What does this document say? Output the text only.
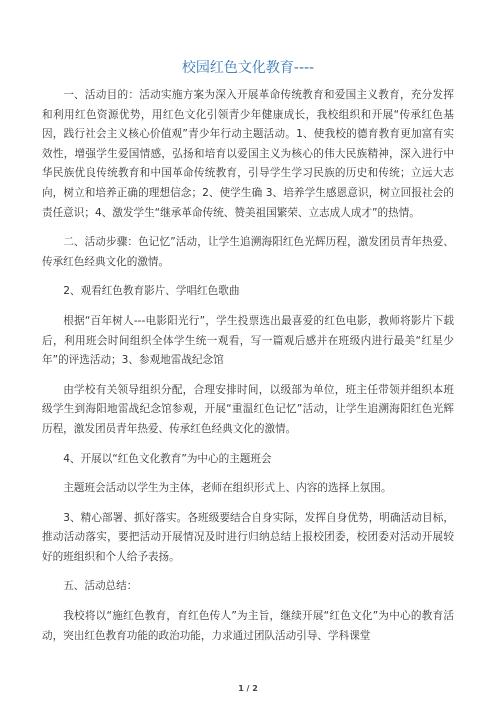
校园红色文化教育----

一、活动目的：活动实施方案为深入开展革命传统教育和爱国主义教育，充分发挥和利用红色资源优势，用红色文化引领青少年健康成长，我校组织和开展“传承红色基因，践行社会主义核心价值观”青少年行动主题活动。1、使我校的德育教育更加富有实效性，增强学生爱国情感，弘扬和培育以爱国主义为核心的伟大民族精神，深入进行中华民族优良传统教育和中国革命传统教育，引导学生学习民族的历史和传统；立远大志向，树立和培养正确的理想信念；2、使学生确 3、培养学生感恩意识，树立回报社会的责任意识；4、激发学生“继承革命传统、赞美祖国繁荣、立志成人成才”的热情。

二、活动步骤：色记忆”活动，让学生追溯海阳红色光辉历程，激发团员青年热爱、传承红色经典文化的激情。

2、观看红色教育影片、学唱红色歌曲

根据“百年树人---电影阳光行”，学生投票选出最喜爱的红色电影，教师将影片下载后，利用班会时间组织全体学生统一观看，写一篇观后感并在班级内进行最美“红星少年”的评选活动；3、参观地雷战纪念馆

由学校有关领导组织分配，合理安排时间，以级部为单位，班主任带领并组织本班级学生到海阳地雷战纪念馆参观，开展“重温红色记忆”活动，让学生追溯海阳红色光辉历程，激发团员青年热爱、传承红色经典文化的激情。

4、开展以“红色文化教育”为中心的主题班会

主题班会活动以学生为主体，老师在组织形式上、内容的选择上氛围。

3、精心部署、抓好落实。各班级要结合自身实际，发挥自身优势，明确活动目标，推动活动落实，要把活动开展情况及时进行归纳总结上报校团委，校团委对活动开展较好的班组织和个人给予表扬。

五、活动总结：

我校将以“施红色教育，育红色传人”为主旨，继续开展“红色文化”为中心的教育活动，突出红色教育功能的政治功能，力求通过团队活动引导、学科课堂

1 / 2
